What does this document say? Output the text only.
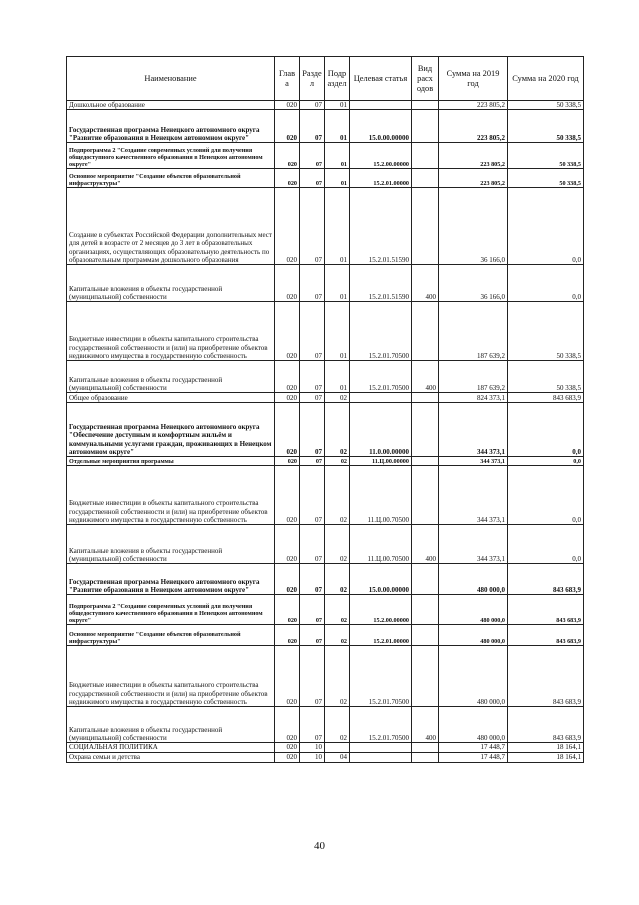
Наименование	Глав а	Разде л	Подр аздел	Целевая статья	Вид расх одов	Сумма на 2019 год	Сумма на 2020 год
Дошкольное образование	020	07	01			223 805,2	50 338,5
Государственная программа Ненецкого автономного округа "Развитие образования в Ненецком автономном округе"	020	07	01	15.0.00.00000		223 805,2	50 338,5
Подпрограмма 2 "Создание современных условий для получения общедоступного качественного образования в Ненецком автономном округе"	020	07	01	15.2.00.00000		223 805,2	50 338,5
Основное мероприятие "Создание объектов образовательной инфраструктуры"	020	07	01	15.2.01.00000		223 805,2	50 338,5
Создание в субъектах Российской Федерации дополнительных мест для детей в возрасте от 2 месяцев до 3 лет в образовательных организациях, осуществляющих образовательную деятельность по образовательным программам дошкольного образования	020	07	01	15.2.01.51590		36 166,0	0,0
Капитальные вложения в объекты государственной (муниципальной) собственности	020	07	01	15.2.01.51590	400	36 166,0	0,0
Бюджетные инвестиции в объекты капитального строительства государственной собственности и (или) на приобретение объектов недвижимого имущества в государственную собственность	020	07	01	15.2.01.70500		187 639,2	50 338,5
Капитальные вложения в объекты государственной (муниципальной) собственности	020	07	01	15.2.01.70500	400	187 639,2	50 338,5
Общее образование	020	07	02			824 373,1	843 683,9
Государственная программа Ненецкого автономного округа "Обеспечение доступным и комфортным жильём и коммунальными услугами граждан, проживающих в Ненецком автономном округе"	020	07	02	11.0.00.00000		344 373,1	0,0
Отдельные мероприятия программы	020	07	02	11.Ц.00.00000		344 373,1	0,0
Бюджетные инвестиции в объекты капитального строительства государственной собственности и (или) на приобретение объектов недвижимого имущества в государственную собственность	020	07	02	11.Ц.00.70500		344 373,1	0,0
Капитальные вложения в объекты государственной (муниципальной) собственности	020	07	02	11.Ц.00.70500	400	344 373,1	0,0
Государственная программа Ненецкого автономного округа "Развитие образования в Ненецком автономном округе"	020	07	02	15.0.00.00000		480 000,0	843 683,9
Подпрограмма 2 "Создание современных условий для получения общедоступного качественного образования в Ненецком автономном округе"	020	07	02	15.2.00.00000		480 000,0	843 683,9
Основное мероприятие "Создание объектов образовательной инфраструктуры"	020	07	02	15.2.01.00000		480 000,0	843 683,9
Бюджетные инвестиции в объекты капитального строительства государственной собственности и (или) на приобретение объектов недвижимого имущества в государственную собственность	020	07	02	15.2.01.70500		480 000,0	843 683,9
Капитальные вложения в объекты государственной (муниципальной) собственности	020	07	02	15.2.01.70500	400	480 000,0	843 683,9
СОЦИАЛЬНАЯ ПОЛИТИКА	020	10				17 448,7	18 164,1
Охрана семьи и детства	020	10	04			17 448,7	18 164,1
40
